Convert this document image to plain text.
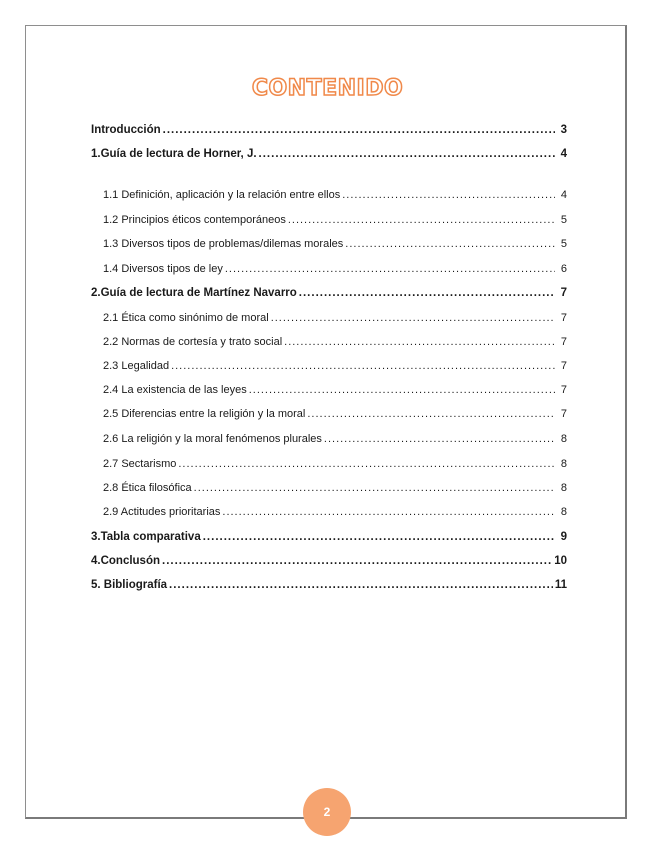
CONTENIDO
Introducción .....	3
1.Guía de lectura de Horner, J. .....	4
1.1 Definición, aplicación y la relación entre ellos .....	4
1.2 Principios éticos contemporáneos .....	5
1.3 Diversos tipos de problemas/dilemas morales .....	5
1.4 Diversos tipos de ley .....	6
2.Guía de lectura de Martínez Navarro .....	7
2.1 Ética como sinónimo de moral .....	7
2.2 Normas de cortesía y trato social .....	7
2.3 Legalidad .....	7
2.4 La existencia de las leyes .....	7
2.5 Diferencias entre la religión y la moral .....	7
2.6 La religión y la moral fenómenos plurales .....	8
2.7 Sectarismo .....	8
2.8 Ética filosófica .....	8
2.9 Actitudes prioritarias .....	8
3.Tabla comparativa .....	9
4.Conclusón .....	10
5. Bibliografía .....	11
2
